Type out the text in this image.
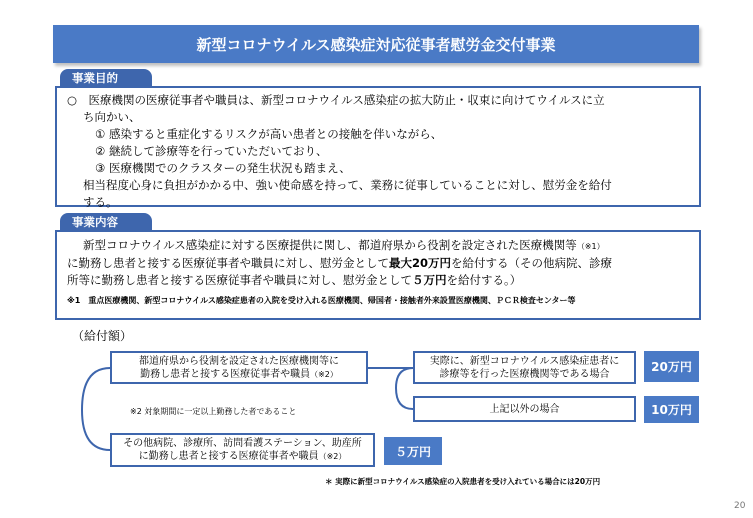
新型コロナウイルス感染症対応従事者慰労金交付事業
事業目的
○　医療機関の医療従事者や職員は、新型コロナウイルス感染症の拡大防止・収束に向けてウイルスに立
ち向かい、
① 感染すると重症化するリスクが高い患者との接触を伴いながら、
② 継続して診療等を行っていただいており、
③ 医療機関でのクラスターの発生状況も踏まえ、
相当程度心身に負担がかかる中、強い使命感を持って、業務に従事していることに対し、慰労金を給付
する。
事業内容
新型コロナウイルス感染症に対する医療提供に関し、都道府県から役割を設定された医療機関等（※1）
に勤務し患者と接する医療従事者や職員に対し、慰労金として最大20万円を給付する（その他病院、診療
所等に勤務し患者と接する医療従事者や職員に対し、慰労金として５万円を給付する。）
※1　重点医療機関、新型コロナウイルス感染症患者の入院を受け入れる医療機関、帰国者・接触者外来設置医療機関、ＰＣＲ検査センター等
（給付額）
都道府県から役割を設定された医療機関等に
勤務し患者と接する医療従事者や職員（※2）
実際に、新型コロナウイルス感染症患者に
診療等を行った医療機関等である場合	20万円
上記以外の場合	10万円
※2 対象期間に一定以上勤務した者であること
その他病院、診療所、訪問看護ステーション、助産所
に勤務し患者と接する医療従事者や職員（※2）	５万円
＊ 実際に新型コロナウイルス感染症の入院患者を受け入れている場合には20万円
20
